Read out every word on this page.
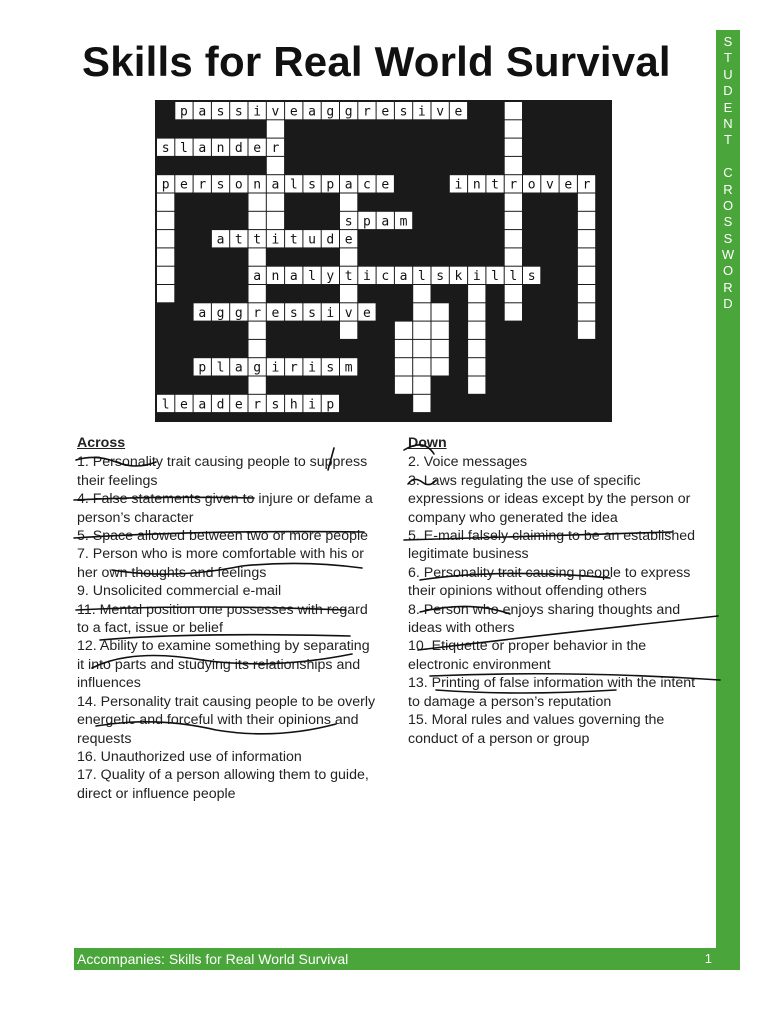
Skills for Real World Survival	S
T
U
D
E
N
T

C
R
O
S
S
W
O
R
D
p a s s i v e a g g r e s i v e
s l a n d e r
p e r s o n a l s p a c e	i n t r o v e r
s p a m
a t t i t u d e
a n a l y t i c a l s k i l l s
a g g r e s s i v e
p l a g i r i s m
l e a d e r s h i p
Across

1. Personality trait causing people to suppress their feelings

4. False statements given to injure or defame a person’s character

5. Space allowed between two or more people

7. Person who is more comfortable with his or her own thoughts and feelings

9. Unsolicited commercial e-mail

11. Mental position one possesses with regard to a fact, issue or belief

12. Ability to examine something by separating it into parts and studying its relationships and influences

14. Personality trait causing people to be overly energetic and forceful with their opinions and requests

16. Unauthorized use of information

17. Quality of a person allowing them to guide, direct or influence people

Down

2. Voice messages

3. Laws regulating the use of specific expressions or ideas except by the person or company who generated the idea

5. E-mail falsely claiming to be an established legitimate business

6. Personality trait causing people to express their opinions without offending others

8. Person who enjoys sharing thoughts and ideas with others

10. Etiquette or proper behavior in the electronic environment

13. Printing of false information with the intent to damage a person’s reputation

15. Moral rules and values governing the conduct of a person or group

Accompanies: Skills for Real World Survival	1
